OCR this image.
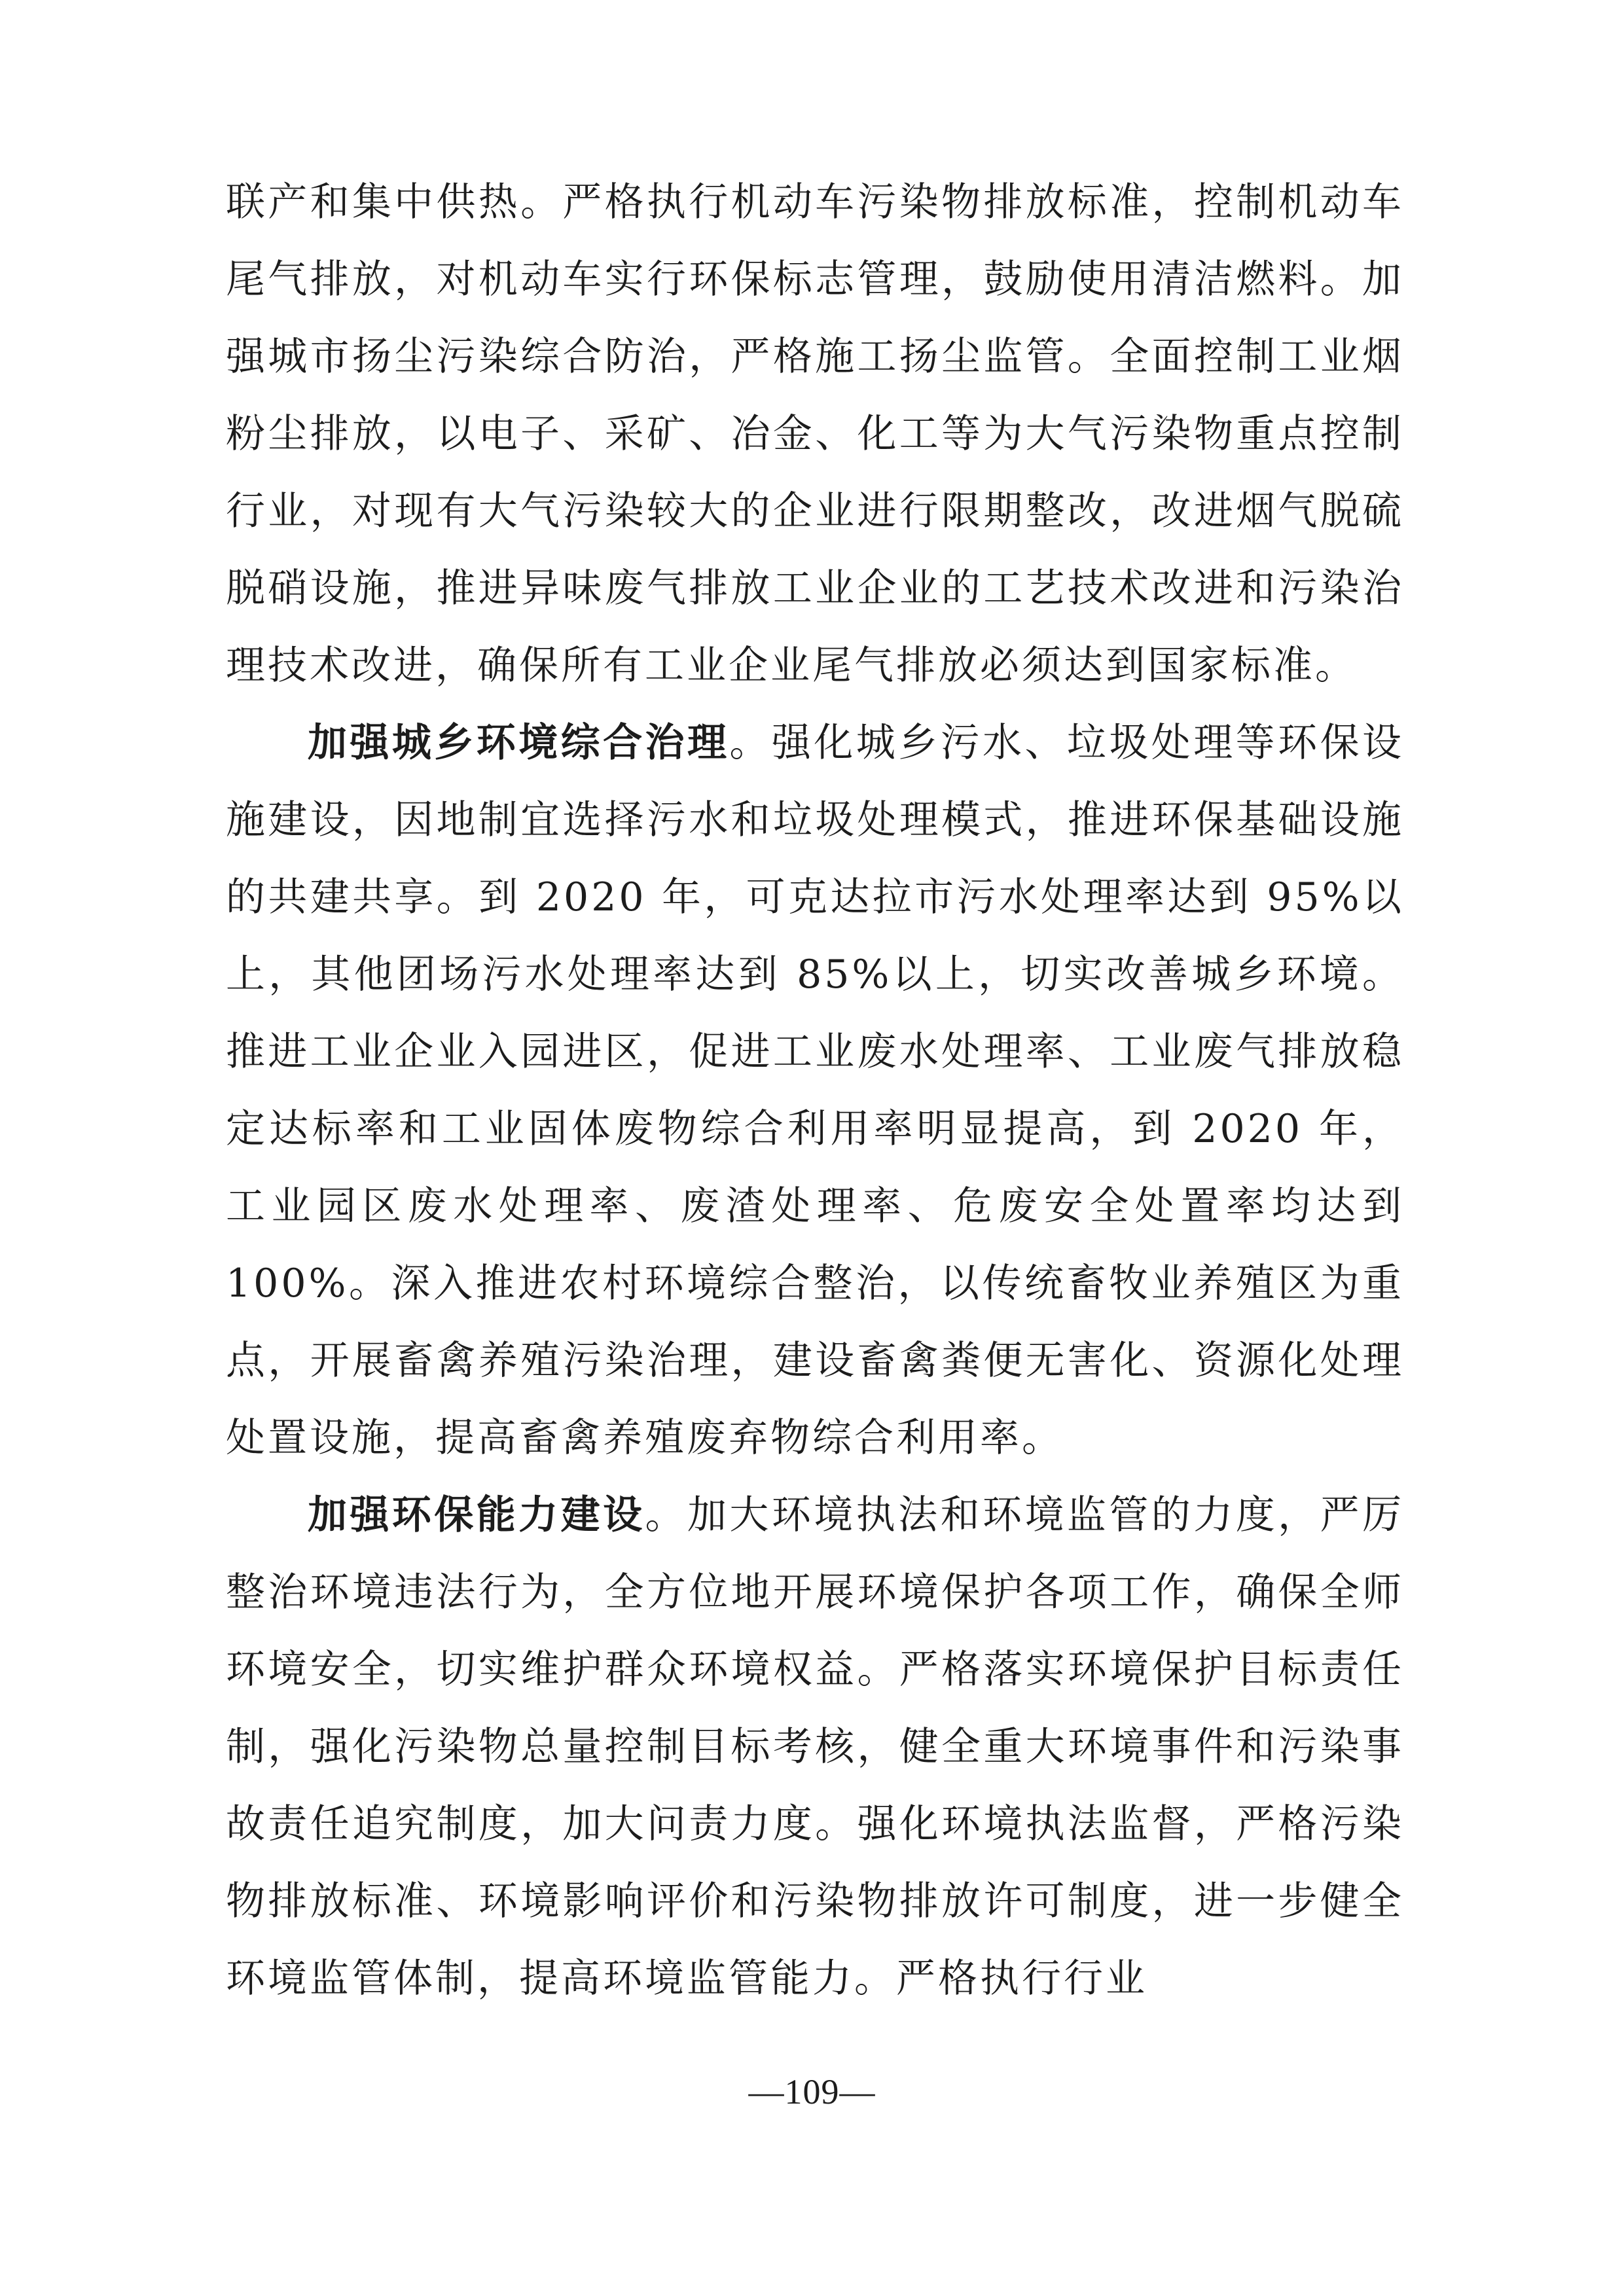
联产和集中供热。严格执行机动车污染物排放标准，控制机动车尾气排放，对机动车实行环保标志管理，鼓励使用清洁燃料。加强城市扬尘污染综合防治，严格施工扬尘监管。全面控制工业烟粉尘排放，以电子、采矿、冶金、化工等为大气污染物重点控制行业，对现有大气污染较大的企业进行限期整改，改进烟气脱硫脱硝设施，推进异味废气排放工业企业的工艺技术改进和污染治理技术改进，确保所有工业企业尾气排放必须达到国家标准。

加强城乡环境综合治理。强化城乡污水、垃圾处理等环保设施建设，因地制宜选择污水和垃圾处理模式，推进环保基础设施的共建共享。到 2020 年，可克达拉市污水处理率达到 95%以上，其他团场污水处理率达到 85%以上，切实改善城乡环境。推进工业企业入园进区，促进工业废水处理率、工业废气排放稳定达标率和工业固体废物综合利用率明显提高，到 2020 年，工业园区废水处理率、废渣处理率、危废安全处置率均达到 100%。深入推进农村环境综合整治，以传统畜牧业养殖区为重点，开展畜禽养殖污染治理，建设畜禽粪便无害化、资源化处理处置设施，提高畜禽养殖废弃物综合利用率。

加强环保能力建设。加大环境执法和环境监管的力度，严厉整治环境违法行为，全方位地开展环境保护各项工作，确保全师环境安全，切实维护群众环境权益。严格落实环境保护目标责任制，强化污染物总量控制目标考核，健全重大环境事件和污染事故责任追究制度，加大问责力度。强化环境执法监督，严格污染物排放标准、环境影响评价和污染物排放许可制度，进一步健全环境监管体制，提高环境监管能力。严格执行行业

—109—
